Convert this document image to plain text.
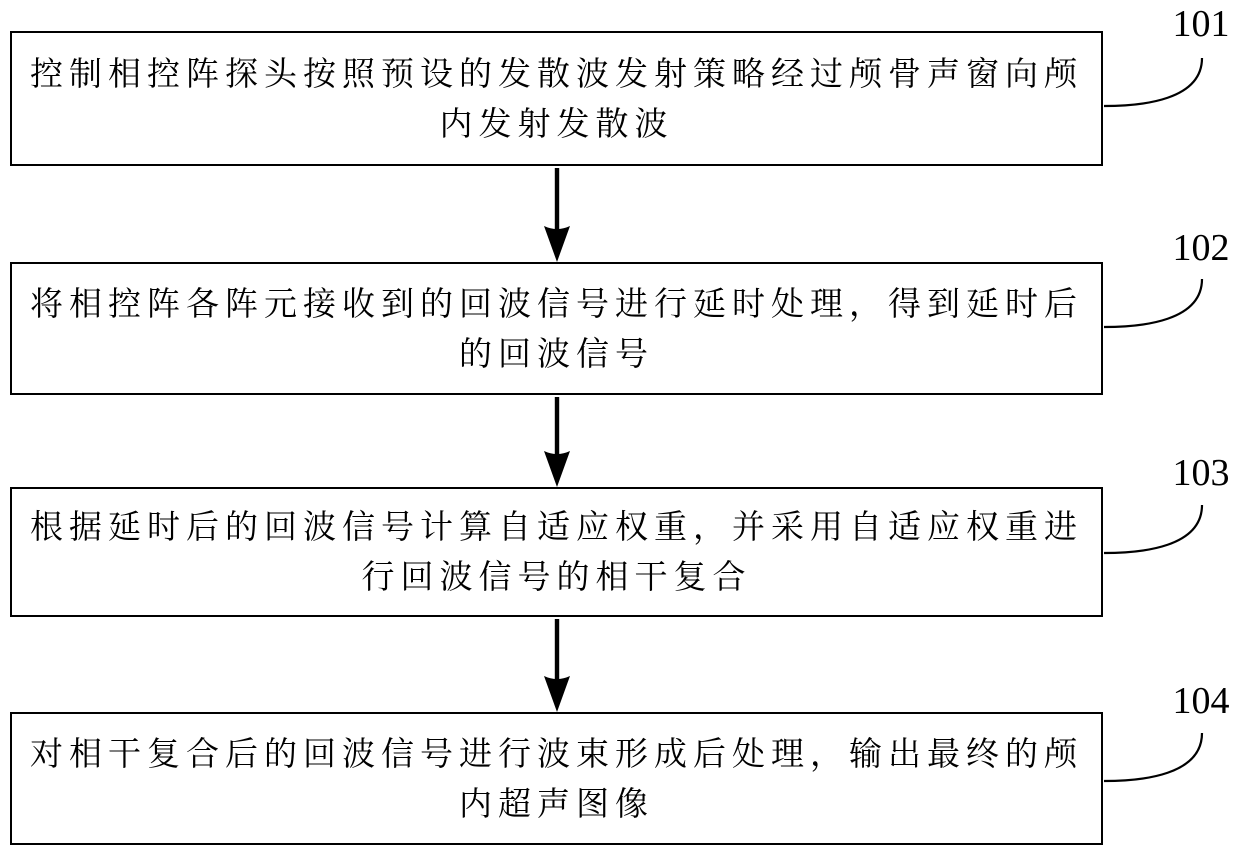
控制相控阵探头按照预设的发散波发射策略经过颅骨声窗向颅
内发射发散波
101
将相控阵各阵元接收到的回波信号进行延时处理，得到延时后
的回波信号
102
根据延时后的回波信号计算自适应权重，并采用自适应权重进
行回波信号的相干复合
103
对相干复合后的回波信号进行波束形成后处理，输出最终的颅
内超声图像
104
